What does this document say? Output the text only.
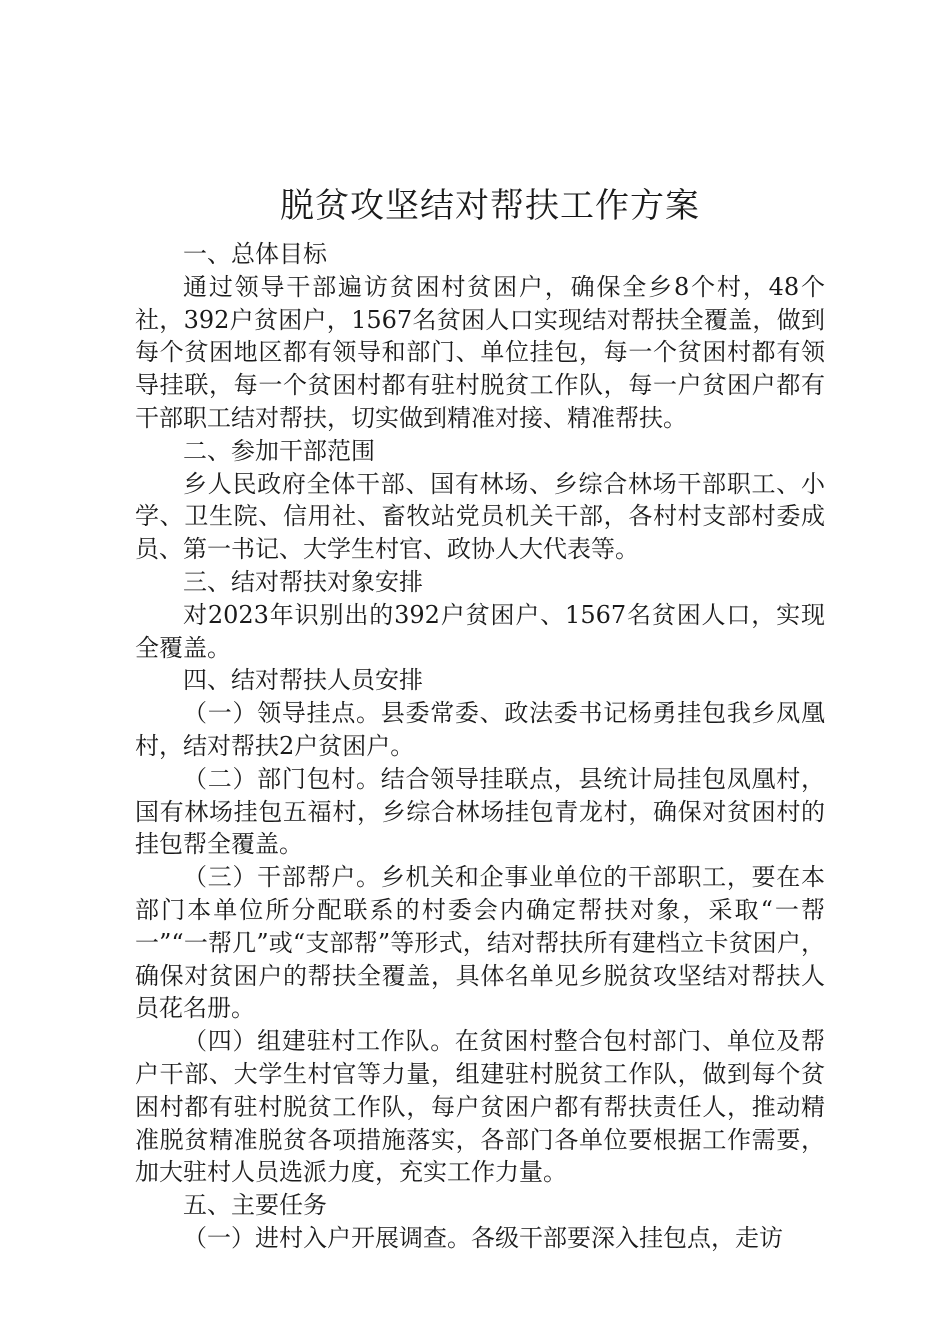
脱贫攻坚结对帮扶工作方案

一、总体目标

通过领导干部遍访贫困村贫困户，确保全乡8个村，48个社，392户贫困户，1567名贫困人口实现结对帮扶全覆盖，做到每个贫困地区都有领导和部门、单位挂包，每一个贫困村都有领导挂联，每一个贫困村都有驻村脱贫工作队，每一户贫困户都有干部职工结对帮扶，切实做到精准对接、精准帮扶。

二、参加干部范围

乡人民政府全体干部、国有林场、乡综合林场干部职工、小学、卫生院、信用社、畜牧站党员机关干部，各村村支部村委成员、第一书记、大学生村官、政协人大代表等。

三、结对帮扶对象安排

对2023年识别出的392户贫困户、1567名贫困人口，实现全覆盖。

四、结对帮扶人员安排

（一）领导挂点。县委常委、政法委书记杨勇挂包我乡凤凰村，结对帮扶2户贫困户。

（二）部门包村。结合领导挂联点，县统计局挂包凤凰村，国有林场挂包五福村，乡综合林场挂包青龙村，确保对贫困村的挂包帮全覆盖。

（三）干部帮户。乡机关和企事业单位的干部职工，要在本部门本单位所分配联系的村委会内确定帮扶对象，采取“一帮一”“一帮几”或“支部帮”等形式，结对帮扶所有建档立卡贫困户，确保对贫困户的帮扶全覆盖，具体名单见乡脱贫攻坚结对帮扶人员花名册。

（四）组建驻村工作队。在贫困村整合包村部门、单位及帮户干部、大学生村官等力量，组建驻村脱贫工作队，做到每个贫困村都有驻村脱贫工作队，每户贫困户都有帮扶责任人，推动精准脱贫精准脱贫各项措施落实，各部门各单位要根据工作需要，加大驻村人员选派力度，充实工作力量。

五、主要任务

（一）进村入户开展调查。各级干部要深入挂包点，走访
